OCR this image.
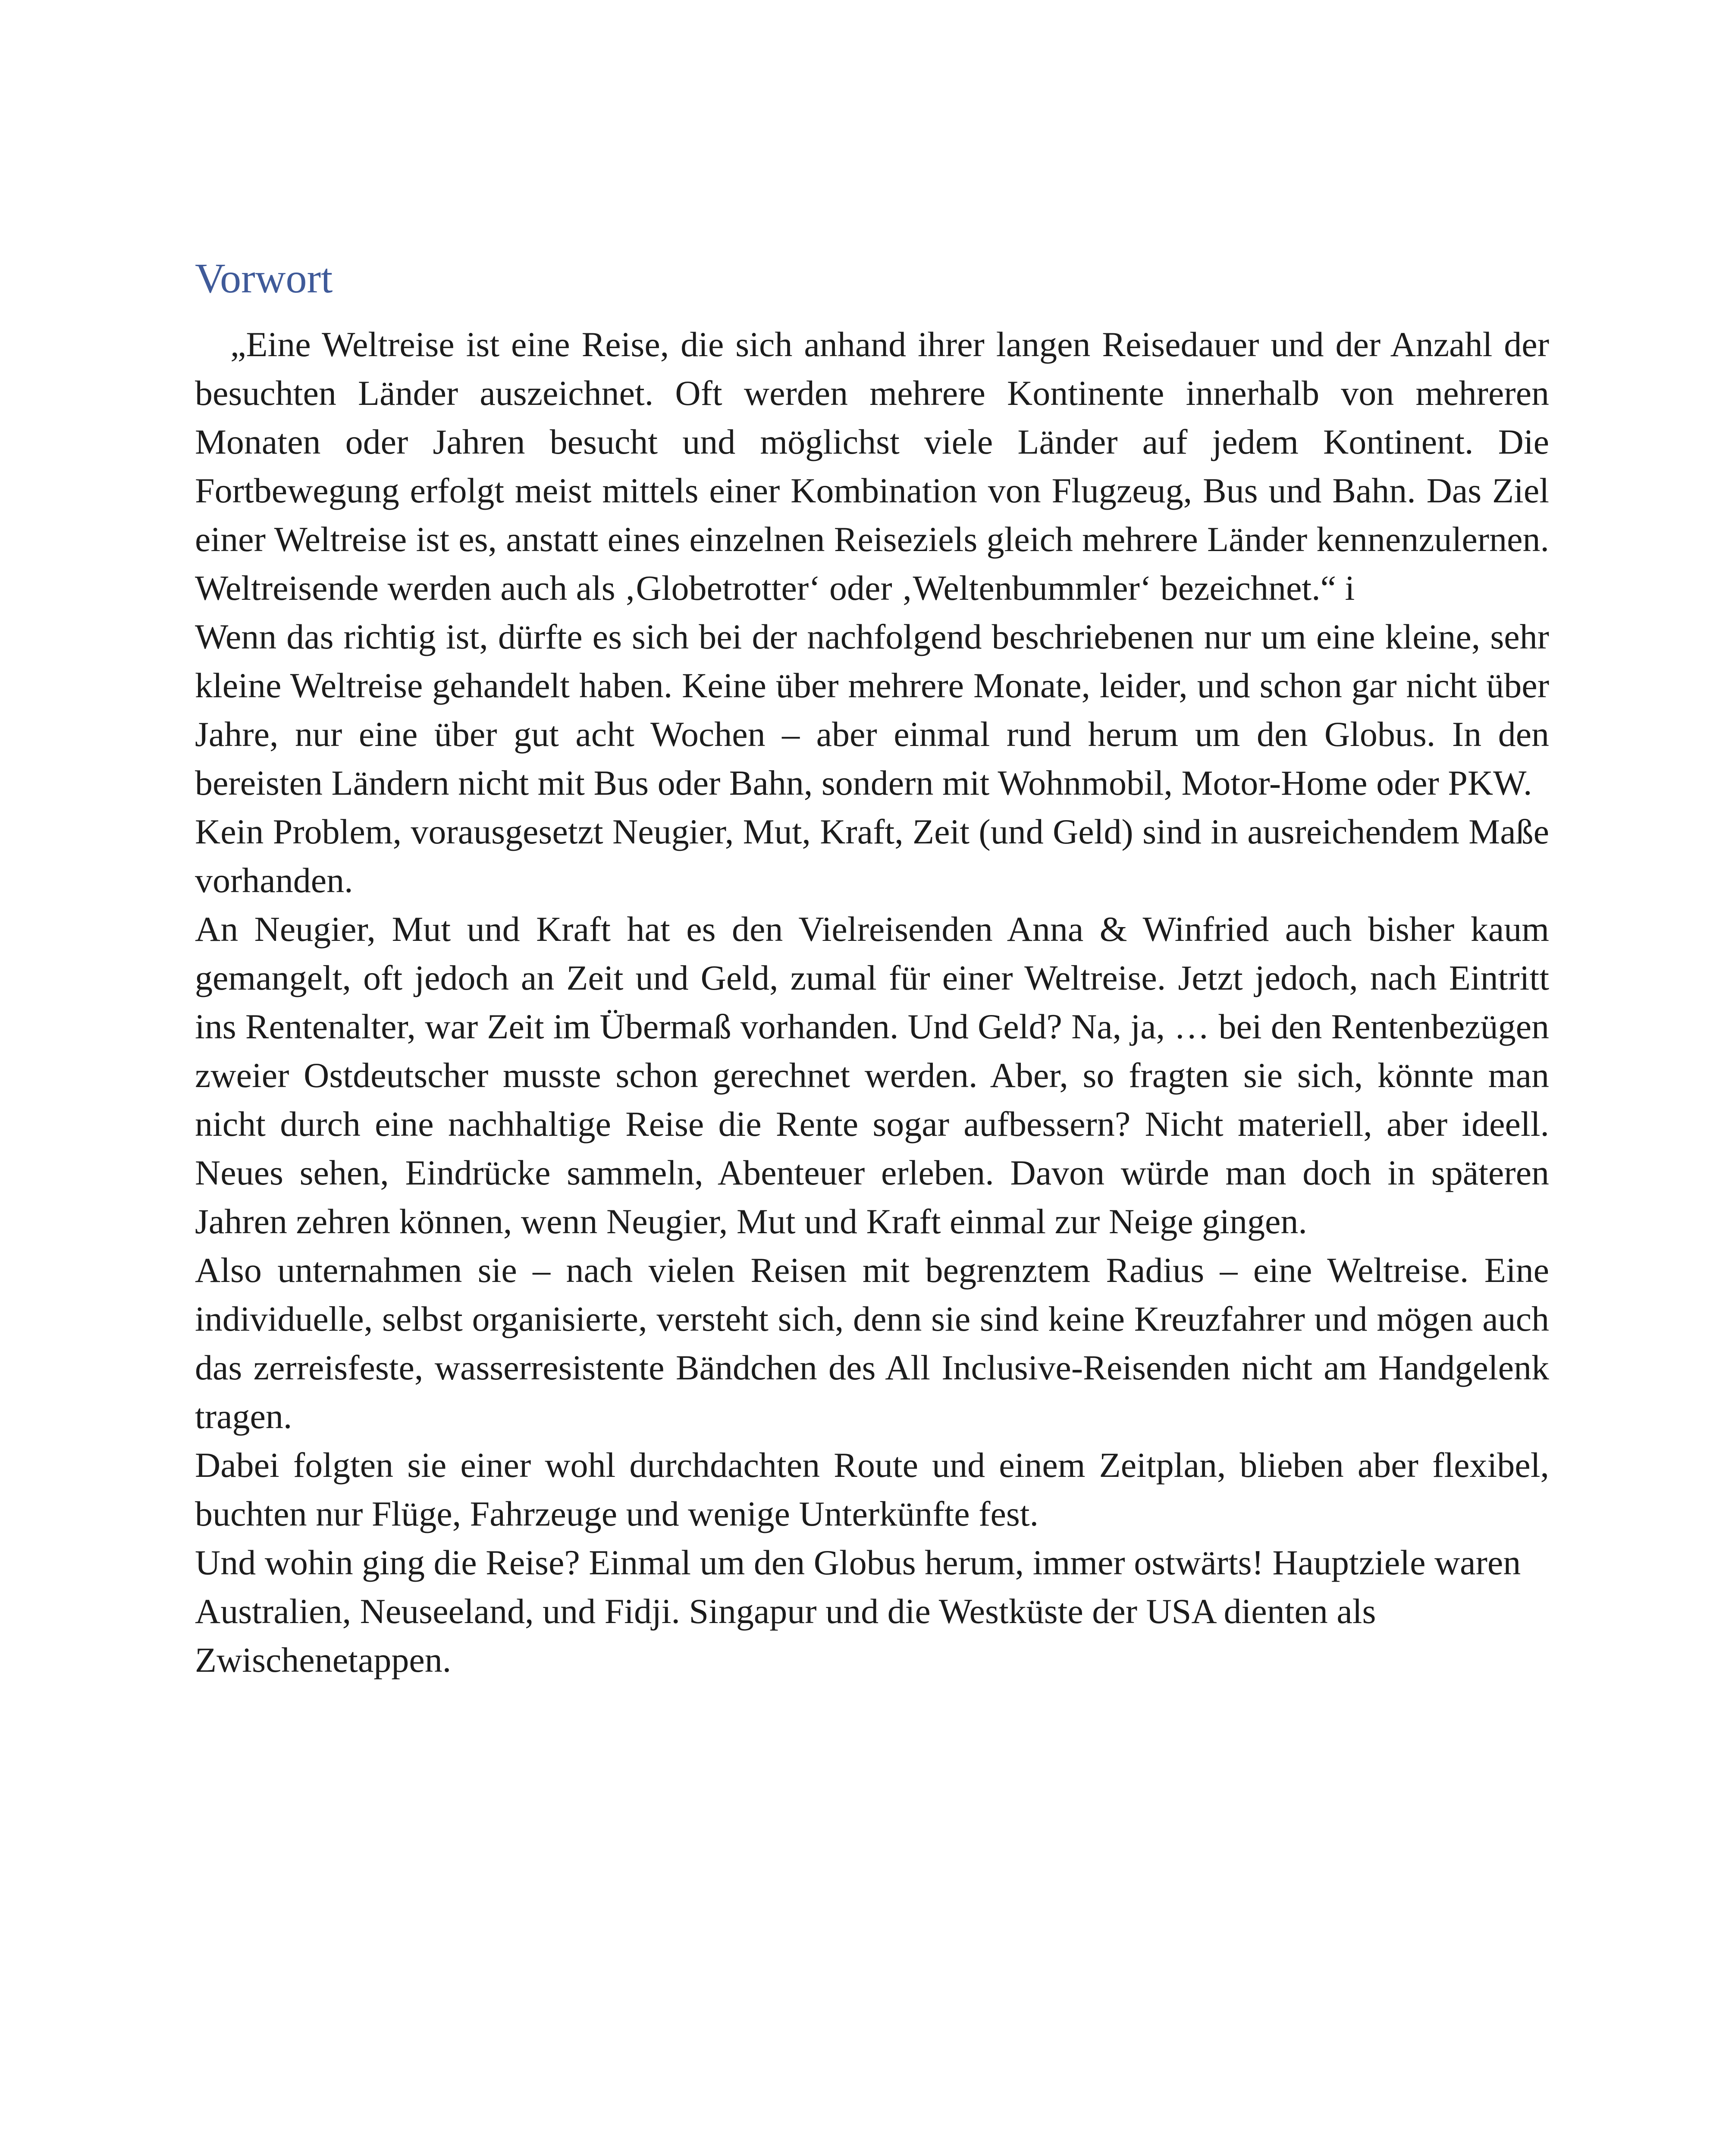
Vorwort

„Eine Weltreise ist eine Reise, die sich anhand ihrer langen Reisedauer und der Anzahl der besuchten Länder auszeichnet. Oft werden mehrere Kontinente innerhalb von mehreren Monaten oder Jahren besucht und möglichst viele Länder auf jedem Kontinent. Die Fortbewegung erfolgt meist mittels einer Kombination von Flugzeug, Bus und Bahn. Das Ziel einer Weltreise ist es, anstatt eines einzelnen Reiseziels gleich mehrere Länder kennenzulernen. Weltreisende werden auch als ‚Globetrotter‘ oder ‚Weltenbummler‘ bezeichnet.“ i

Wenn das richtig ist, dürfte es sich bei der nachfolgend beschriebenen nur um eine kleine, sehr kleine Weltreise gehandelt haben. Keine über mehrere Monate, leider, und schon gar nicht über Jahre, nur eine über gut acht Wochen – aber einmal rund herum um den Globus. In den bereisten Ländern nicht mit Bus oder Bahn, sondern mit Wohnmobil, Motor-Home oder PKW.

Kein Problem, vorausgesetzt Neugier, Mut, Kraft, Zeit (und Geld) sind in ausreichendem Maße vorhanden.

An Neugier, Mut und Kraft hat es den Vielreisenden Anna & Winfried auch bisher kaum gemangelt, oft jedoch an Zeit und Geld, zumal für einer Weltreise. Jetzt jedoch, nach Eintritt ins Rentenalter, war Zeit im Übermaß vorhanden. Und Geld? Na, ja, … bei den Rentenbezügen zweier Ostdeutscher musste schon gerechnet werden. Aber, so fragten sie sich, könnte man nicht durch eine nachhaltige Reise die Rente sogar aufbessern? Nicht materiell, aber ideell. Neues sehen, Eindrücke sammeln, Abenteuer erleben. Davon würde man doch in späteren Jahren zehren können, wenn Neugier, Mut und Kraft einmal zur Neige gingen.

Also unternahmen sie – nach vielen Reisen mit begrenztem Radius – eine Weltreise. Eine individuelle, selbst organisierte, versteht sich, denn sie sind keine Kreuzfahrer und mögen auch das zerreisfeste, wasserresistente Bändchen des All Inclusive-Reisenden nicht am Handgelenk tragen.

Dabei folgten sie einer wohl durchdachten Route und einem Zeitplan, blieben aber flexibel, buchten nur Flüge, Fahrzeuge und wenige Unterkünfte fest.

Und wohin ging die Reise? Einmal um den Globus herum, immer ostwärts! Hauptziele waren Australien, Neuseeland, und Fidji. Singapur und die Westküste der USA dienten als Zwischenetappen.
